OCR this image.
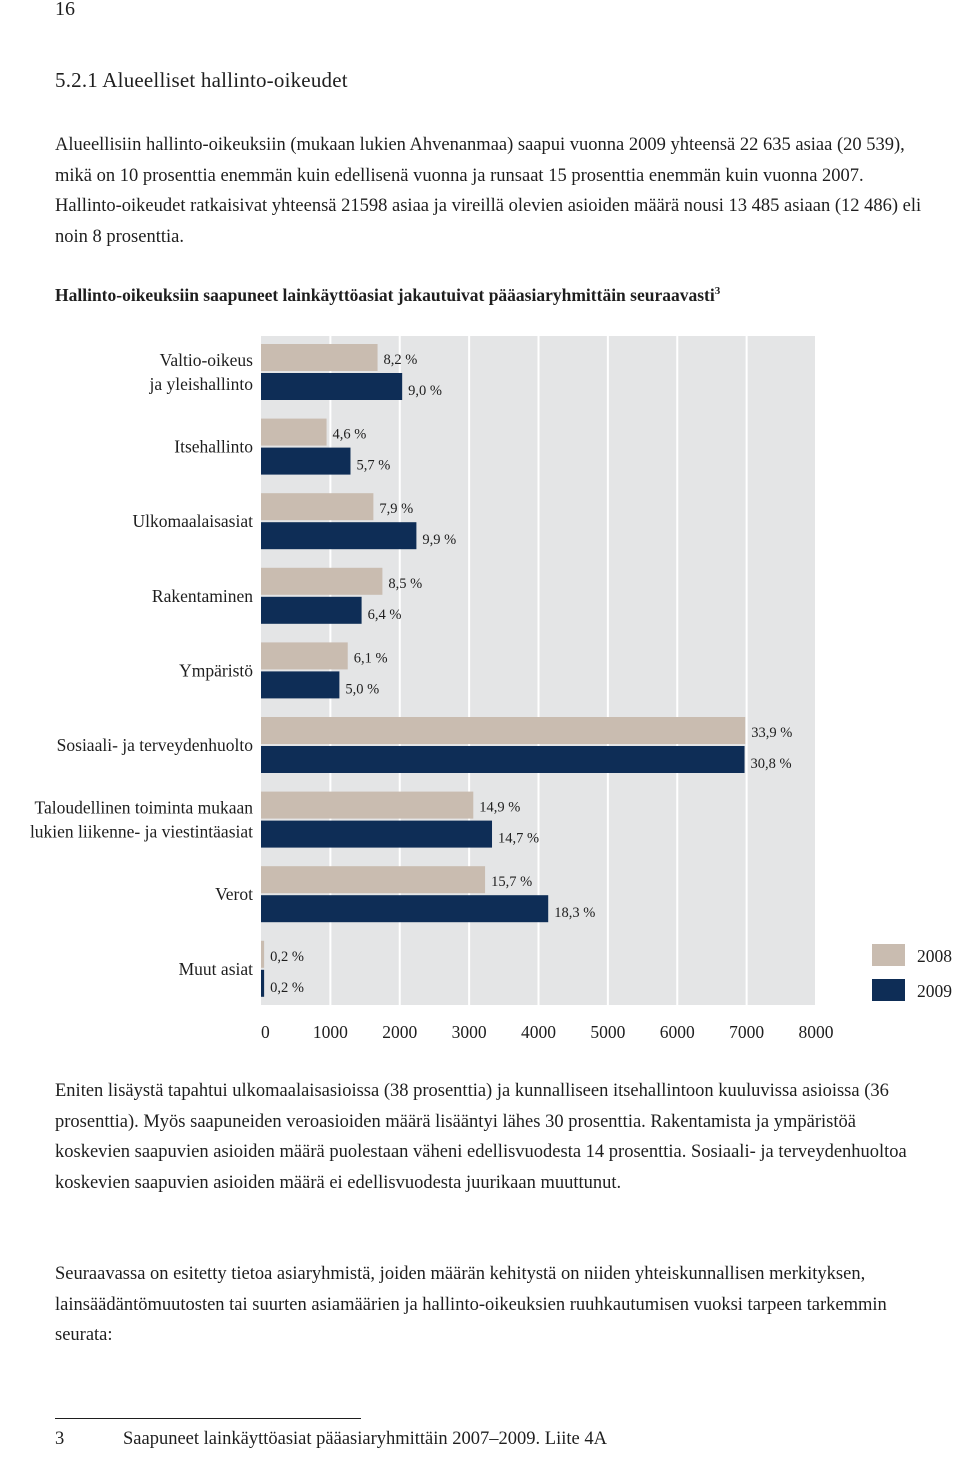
16
5.2.1 Alueelliset hallinto-oikeudet

Alueellisiin hallinto-oikeuksiin (mukaan lukien Ahvenanmaa) saapui vuonna 2009 yhteensä 22 635 asiaa (20 539), mikä on 10 prosenttia enemmän kuin edellisenä vuonna ja runsaat 15 prosenttia enemmän kuin vuonna 2007. Hallinto-oikeudet ratkaisivat yhteensä 21598 asiaa ja vireillä olevien asioiden määrä nousi 13 485 asiaan (12 486) eli noin 8 prosenttia.

Hallinto-oikeuksiin saapuneet lainkäyttöasiat jakautuivat pääasiaryhmittäin seuraavasti$^3$
8,2 %
9,0 %
Valtio-oikeus
ja yleishallinto
4,6 %
5,7 %
Itsehallinto
7,9 %
9,9 %
Ulkomaalaisasiat
8,5 %
6,4 %
Rakentaminen
6,1 %
5,0 %
Ympäristö
33,9 %
30,8 %
Sosiaali- ja terveydenhuolto
14,9 %
14,7 %
Taloudellinen toiminta mukaan
lukien liikenne- ja viestintäasiat
15,7 %
18,3 %
Verot
0,2 %
0,2 %
Muut asiat
0 1000 2000 3000 4000 5000 6000 7000 8000
2008
2009

Eniten lisäystä tapahtui ulkomaalaisasioissa (38 prosenttia) ja kunnalliseen itsehallintoon kuuluvissa asioissa (36 prosenttia). Myös saapuneiden veroasioiden määrä lisääntyi lähes 30 prosenttia. Rakentamista ja ympäristöä koskevien saapuvien asioiden määrä puolestaan väheni edellisvuodesta 14 prosenttia. Sosiaali- ja terveydenhuoltoa koskevien saapuvien asioiden määrä ei edellisvuodesta juurikaan muuttunut.

Seuraavassa on esitetty tietoa asiaryhmistä, joiden määrän kehitystä on niiden yhteiskunnallisen merkityksen, lainsäädäntömuutosten tai suurten asiamäärien ja hallinto-oikeuksien ruuhkautumisen vuoksi tarpeen tarkemmin seurata:

3	Saapuneet lainkäyttöasiat pääasiaryhmittäin 2007–2009. Liite 4A
